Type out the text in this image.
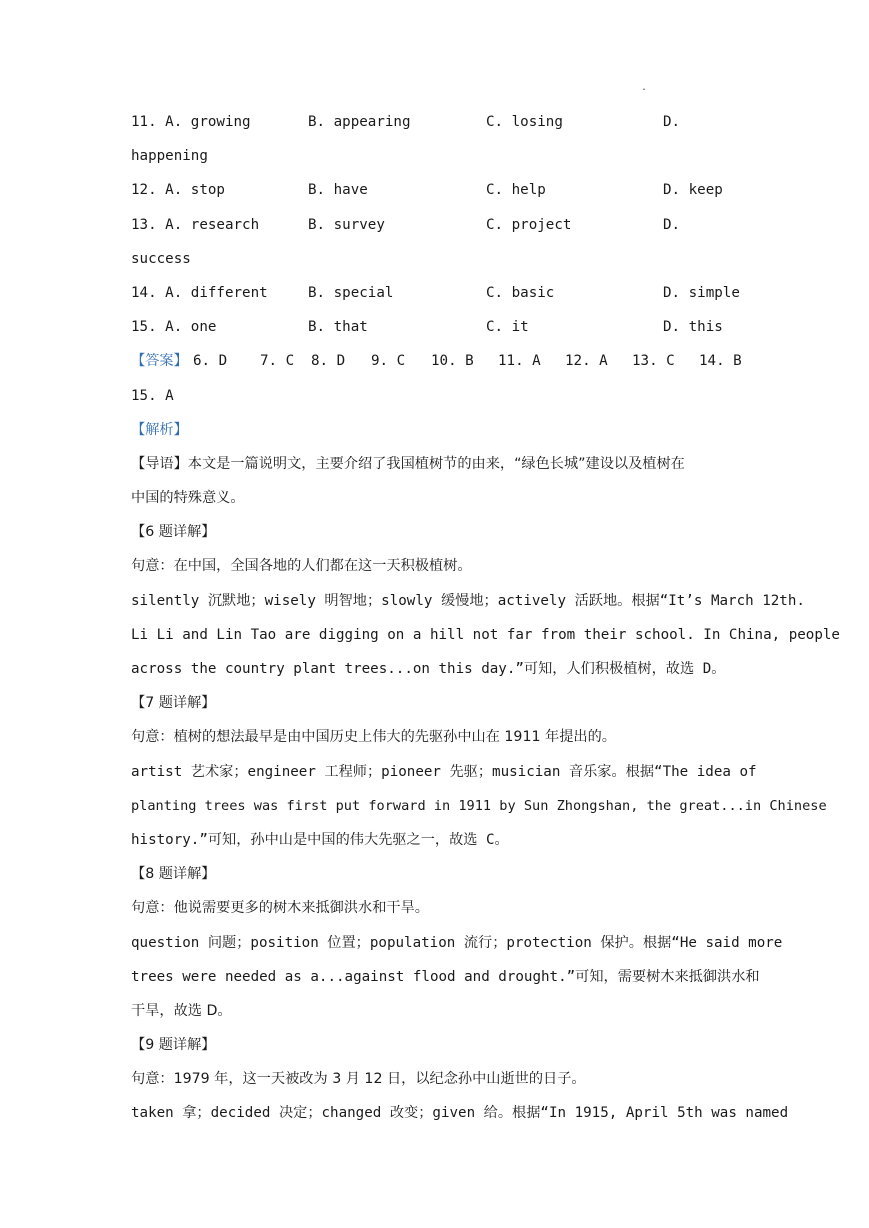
.
11. A. growing	B. appearing	C. losing	D.
happening
12. A. stop	B. have	C. help	D. keep
13. A. research	B. survey	C. project	D.
success
14. A. different	B. special	C. basic	D. simple
15. A. one	B. that	C. it	D. this
【答案】 6. D 7. C 8. D 9. C 10. B 11. A 12. A 13. C 14. B
15. A
【解析】
【导语】本文是一篇说明文，主要介绍了我国植树节的由来，“绿色长城”建设以及植树在
中国的特殊意义。
【6 题详解】
句意：在中国，全国各地的人们都在这一天积极植树。
silently 沉默地；wisely 明智地；slowly 缓慢地；actively 活跃地。根据“It’s March 12th.
Li Li and Lin Tao are digging on a hill not far from their school. In China, people
across the country plant trees...on this day.”可知，人们积极植树，故选 D。
【7 题详解】
句意：植树的想法最早是由中国历史上伟大的先驱孙中山在 1911 年提出的。
artist 艺术家；engineer 工程师；pioneer 先驱；musician 音乐家。根据“The idea of
planting trees was first put forward in 1911 by Sun Zhongshan, the great...in Chinese
history.”可知，孙中山是中国的伟大先驱之一，故选 C。
【8 题详解】
句意：他说需要更多的树木来抵御洪水和干旱。
question 问题；position 位置；population 流行；protection 保护。根据“He said more
trees were needed as a...against flood and drought.”可知，需要树木来抵御洪水和
干旱，故选 D。
【9 题详解】
句意：1979 年，这一天被改为 3 月 12 日，以纪念孙中山逝世的日子。
taken 拿；decided 决定；changed 改变；given 给。根据“In 1915, April 5th was named
